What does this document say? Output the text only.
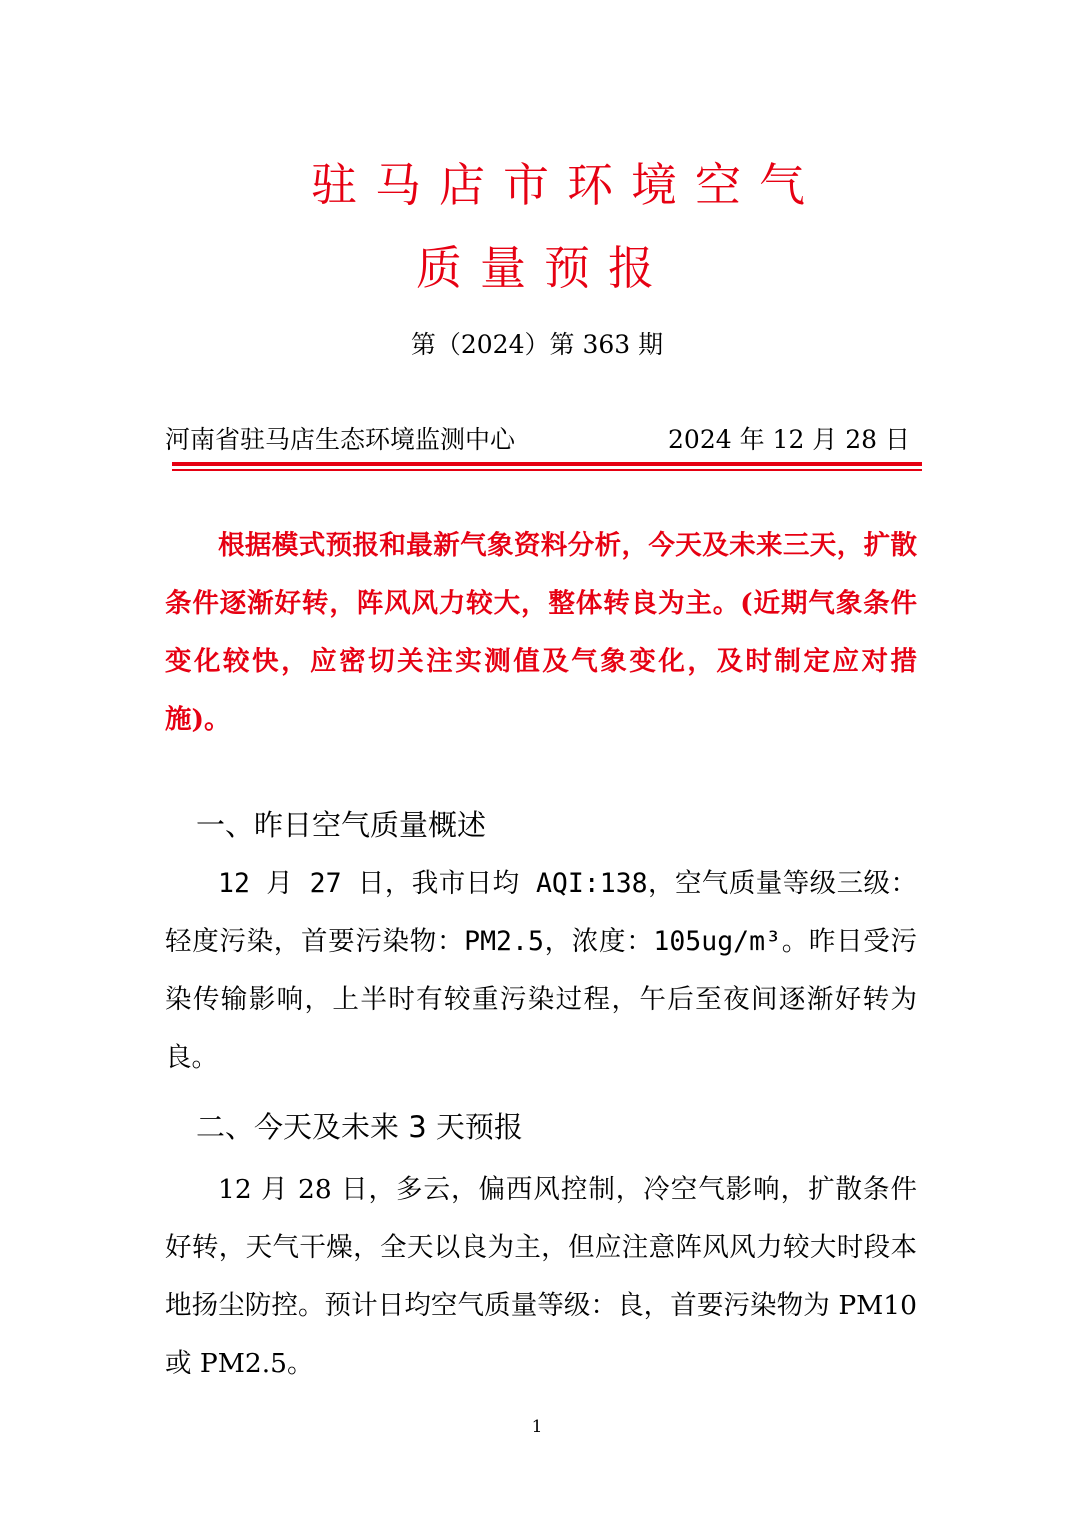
驻马店市环境空气
质量预报
第（2024）第 363 期
河南省驻马店生态环境监测中心	2024 年 12 月 28 日

根据模式预报和最新气象资料分析，今天及未来三天，扩散条件逐渐好转，阵风风力较大，整体转良为主。(近期气象条件变化较快，应密切关注实测值及气象变化，及时制定应对措施)。

一、昨日空气质量概述

12 月 27 日，我市日均 AQI:138，空气质量等级三级：轻度污染，首要污染物：PM2.5，浓度：105ug/m³。昨日受污染传输影响，上半时有较重污染过程，午后至夜间逐渐好转为良。

二、今天及未来 3 天预报

12 月 28 日，多云，偏西风控制，冷空气影响，扩散条件好转，天气干燥，全天以良为主，但应注意阵风风力较大时段本地扬尘防控。预计日均空气质量等级：良，首要污染物为 PM10 或 PM2.5。

1
